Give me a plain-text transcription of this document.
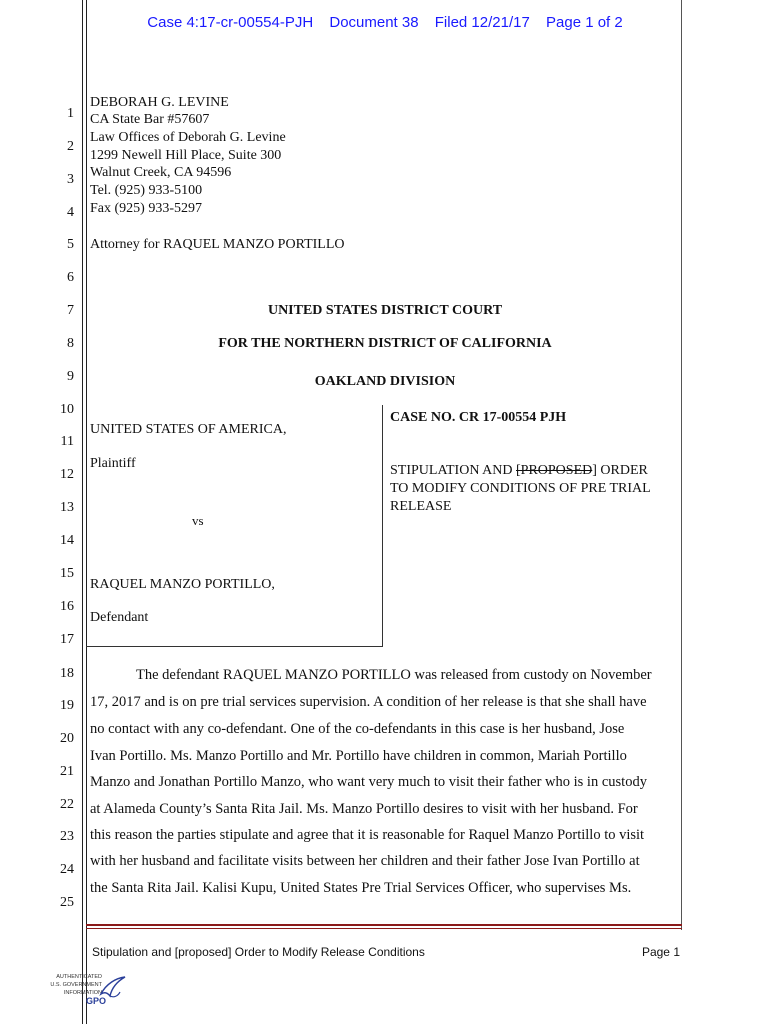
Case 4:17-cr-00554-PJH Document 38 Filed 12/21/17 Page 1 of 2
1
2
3
4
5
6
7
8
9
10
11
12
13
14
15
16
17
18
19
20
21
22
23
24
25
DEBORAH G. LEVINE
CA State Bar #57607
Law Offices of Deborah G. Levine
1299 Newell Hill Place, Suite 300
Walnut Creek, CA 94596
Tel. (925) 933-5100
Fax (925) 933-5297
Attorney for RAQUEL MANZO PORTILLO
UNITED STATES DISTRICT COURT
FOR THE NORTHERN DISTRICT OF CALIFORNIA
OAKLAND DIVISION
UNITED STATES OF AMERICA,
Plaintiff
vs
RAQUEL MANZO PORTILLO,
Defendant
CASE NO. CR 17-00554 PJH
STIPULATION AND [PROPOSED] ORDER
TO MODIFY CONDITIONS OF PRE TRIAL
RELEASE
The defendant RAQUEL MANZO PORTILLO was released from custody on November
17, 2017 and is on pre trial services supervision. A condition of her release is that she shall have
no contact with any co-defendant. One of the co-defendants in this case is her husband, Jose
Ivan Portillo. Ms. Manzo Portillo and Mr. Portillo have children in common, Mariah Portillo
Manzo and Jonathan Portillo Manzo, who want very much to visit their father who is in custody
at Alameda County’s Santa Rita Jail. Ms. Manzo Portillo desires to visit with her husband. For
this reason the parties stipulate and agree that it is reasonable for Raquel Manzo Portillo to visit
with her husband and facilitate visits between her children and their father Jose Ivan Portillo at
the Santa Rita Jail. Kalisi Kupu, United States Pre Trial Services Officer, who supervises Ms.
Stipulation and [proposed] Order to Modify Release Conditions	Page 1
AUTHENTICATED
U.S. GOVERNMENT
INFORMATION
GPO
